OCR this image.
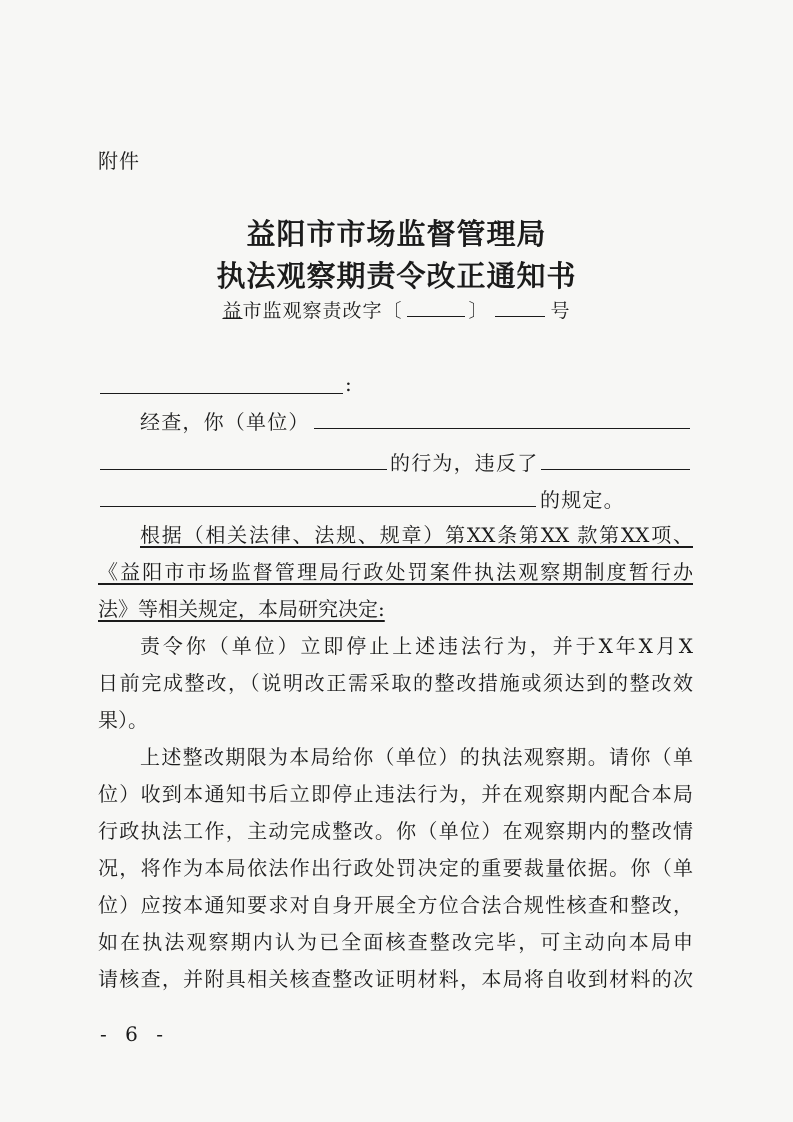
附件
益阳市市场监督管理局
执法观察期责令改正通知书
益市监观察责改字〔	〕	号
:
经查，你（单位）
的行为，违反了
的规定。
根据（相关法律、法规、规章）第XX条第XX 款第XX项、
《益阳市市场监督管理局行政处罚案件执法观察期制度暂行办
法》等相关规定，本局研究决定:
责令你（单位）立即停止上述违法行为，并于X年X月X
日前完成整改，（说明改正需采取的整改措施或须达到的整改效
果）。
上述整改期限为本局给你（单位）的执法观察期。请你（单
位）收到本通知书后立即停止违法行为，并在观察期内配合本局
行政执法工作，主动完成整改。你（单位）在观察期内的整改情
况，将作为本局依法作出行政处罚决定的重要裁量依据。你（单
位）应按本通知要求对自身开展全方位合法合规性核查和整改，
如在执法观察期内认为已全面核查整改完毕，可主动向本局申
请核查，并附具相关核查整改证明材料，本局将自收到材料的次
- 6 -
